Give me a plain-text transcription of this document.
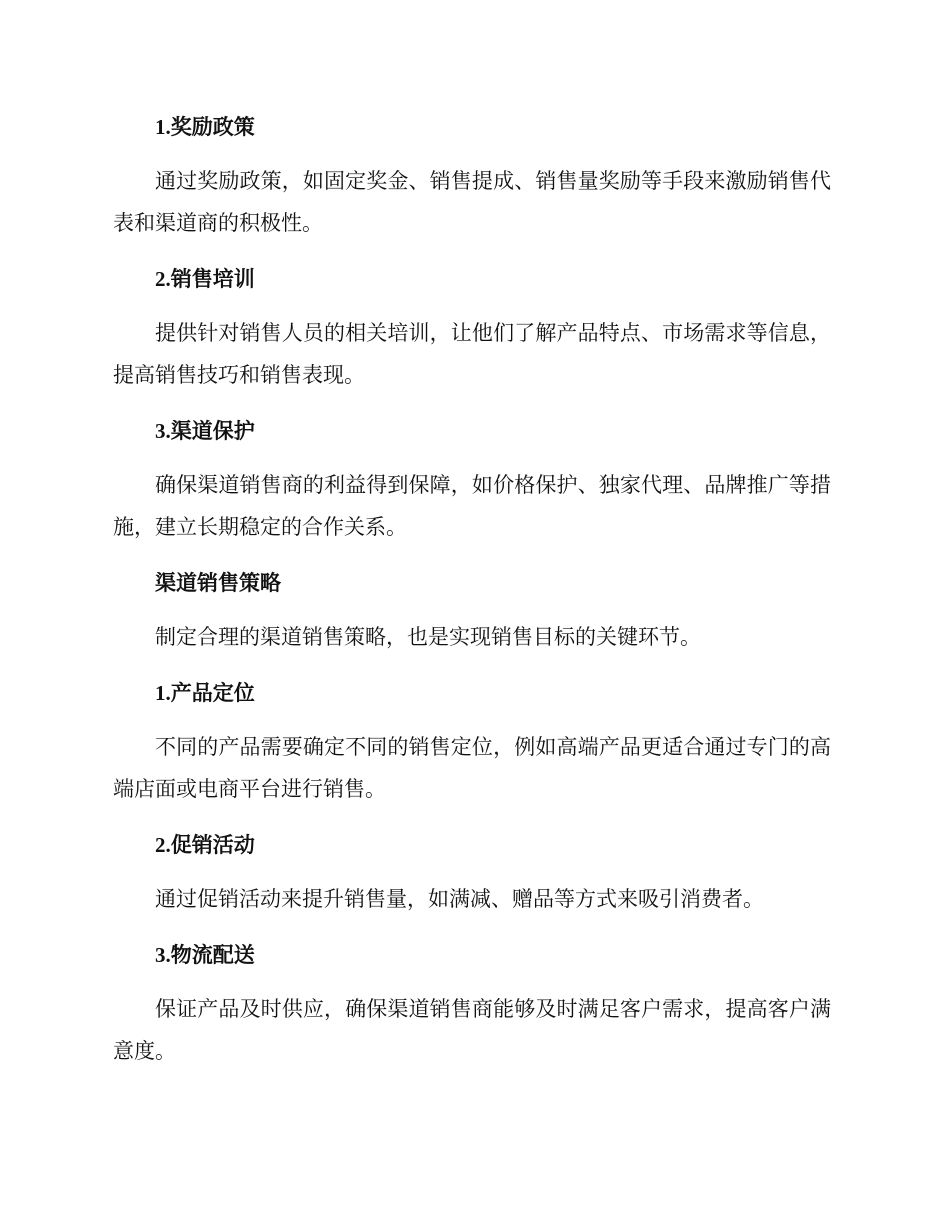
1.奖励政策

通过奖励政策，如固定奖金、销售提成、销售量奖励等手段来激励销售代表和渠道商的积极性。

2.销售培训

提供针对销售人员的相关培训，让他们了解产品特点、市场需求等信息，提高销售技巧和销售表现。

3.渠道保护

确保渠道销售商的利益得到保障，如价格保护、独家代理、品牌推广等措施，建立长期稳定的合作关系。

渠道销售策略

制定合理的渠道销售策略，也是实现销售目标的关键环节。

1.产品定位

不同的产品需要确定不同的销售定位，例如高端产品更适合通过专门的高端店面或电商平台进行销售。

2.促销活动

通过促销活动来提升销售量，如满减、赠品等方式来吸引消费者。

3.物流配送

保证产品及时供应，确保渠道销售商能够及时满足客户需求，提高客户满意度。
